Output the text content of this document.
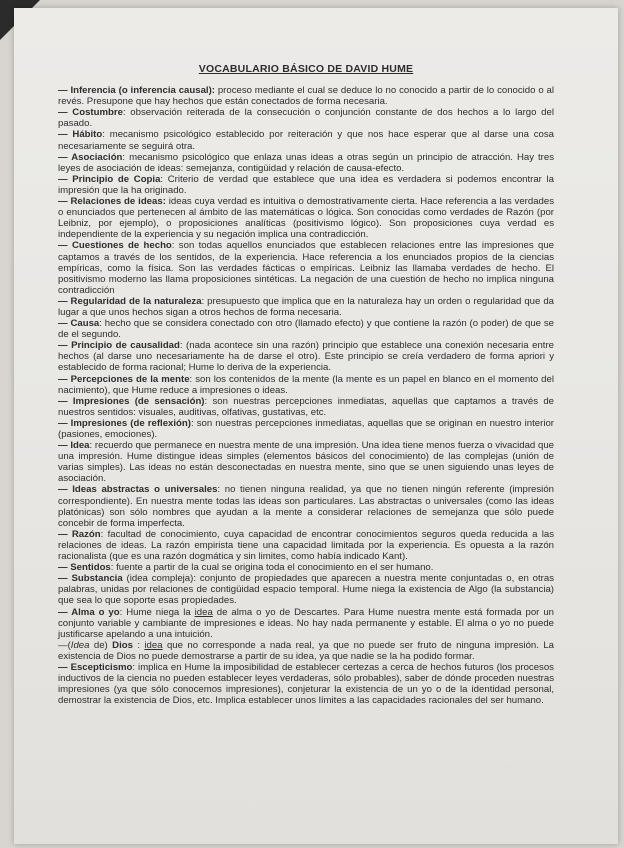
VOCABULARIO BÁSICO DE DAVID HUME

— Inferencia (o inferencia causal): proceso mediante el cual se deduce lo no conocido a partir de lo conocido o al revés. Presupone que hay hechos que están conectados de forma necesaria.

— Costumbre: observación reiterada de la consecución o conjunción constante de dos hechos a lo largo del pasado.

— Hábito: mecanismo psicológico establecido por reiteración y que nos hace esperar que al darse una cosa necesariamente se seguirá otra.

— Asociación: mecanismo psicológico que enlaza unas ideas a otras según un principio de atracción. Hay tres leyes de asociación de ideas: semejanza, contigüidad y relación de causa-efecto.

— Principio de Copia: Criterio de verdad que establece que una idea es verdadera si podemos encontrar la impresión que la ha originado.

— Relaciones de ideas: ideas cuya verdad es intuitiva o demostrativamente cierta. Hace referencia a las verdades o enunciados que pertenecen al ámbito de las matemáticas o lógica. Son conocidas como verdades de Razón (por Leibniz, por ejemplo), o proposiciones analíticas (positivismo lógico). Son proposiciones cuya verdad es independiente de la experiencia y su negación implica una contradicción.

— Cuestiones de hecho: son todas aquellos enunciados que establecen relaciones entre las impresiones que captamos a través de los sentidos, de la experiencia. Hace referencia a los enunciados propios de la ciencias empíricas, como la física. Son las verdades fácticas o empíricas. Leibniz las llamaba verdades de hecho. El positivismo moderno las llama proposiciones sintéticas. La negación de una cuestión de hecho no implica ninguna contradicción

— Regularidad de la naturaleza: presupuesto que implica que en la naturaleza hay un orden o regularidad que da lugar a que unos hechos sigan a otros hechos de forma necesaria.

— Causa: hecho que se considera conectado con otro (llamado efecto) y que contiene la razón (o poder) de que se de el segundo.

— Principio de causalidad: (nada acontece sin una razón) principio que establece una conexión necesaria entre hechos (al darse uno necesariamente ha de darse el otro). Este principio se creía verdadero de forma apriori y establecido de forma racional; Hume lo deriva de la experiencia.

— Percepciones de la mente: son los contenidos de la mente (la mente es un papel en blanco en el momento del nacimiento), que Hume reduce a impresiones o ideas.

— Impresiones (de sensación): son nuestras percepciones inmediatas, aquellas que captamos a través de nuestros sentidos: visuales, auditivas, olfativas, gustativas, etc.

— Impresiones (de reflexión): son nuestras percepciones inmediatas, aquellas que se originan en nuestro interior (pasiones, emociones).

— Idea: recuerdo que permanece en nuestra mente de una impresión. Una idea tiene menos fuerza o vivacidad que una impresión. Hume distingue ideas simples (elementos básicos del conocimiento) de las complejas (unión de varias simples). Las ideas no están desconectadas en nuestra mente, sino que se unen siguiendo unas leyes de asociación.

— Ideas abstractas o universales: no tienen ninguna realidad, ya que no tienen ningún referente (impresión correspondiente). En nuestra mente todas las ideas son particulares. Las abstractas o universales (como las ideas platónicas) son sólo nombres que ayudan a la mente a considerar relaciones de semejanza que sólo puede concebir de forma imperfecta.

— Razón: facultad de conocimiento, cuya capacidad de encontrar conocimientos seguros queda reducida a las relaciones de ideas. La razón empirista tiene una capacidad limitada por la experiencia. Es opuesta a la razón racionalista (que es una razón dogmática y sin limites, como había indicado Kant).

— Sentidos: fuente a partir de la cual se origina toda el conocimiento en el ser humano.

— Substancia (idea compleja): conjunto de propiedades que aparecen a nuestra mente conjuntadas o, en otras palabras, unidas por relaciones de contigüidad espacio temporal. Hume niega la existencia de Algo (la substancia) que sea lo que soporte esas propiedades.

— Alma o yo: Hume niega la idea de alma o yo de Descartes. Para Hume nuestra mente está formada por un conjunto variable y cambiante de impresiones e ideas. No hay nada permanente y estable. El alma o yo no puede justificarse apelando a una intuición.

—(Idea de) Dios : idea que no corresponde a nada real, ya que no puede ser fruto de ninguna impresión. La existencia de Dios no puede demostrarse a partir de su idea, ya que nadie se la ha podido formar.

— Escepticismo: implica en Hume la imposibilidad de establecer certezas a cerca de hechos futuros (los procesos inductivos de la ciencia no pueden establecer leyes verdaderas, sólo probables), saber de dónde proceden nuestras impresiones (ya que sólo conocemos impresiones), conjeturar la existencia de un yo o de la identidad personal, demostrar la existencia de Dios, etc. Implica establecer unos límites a las capacidades racionales del ser humano.
